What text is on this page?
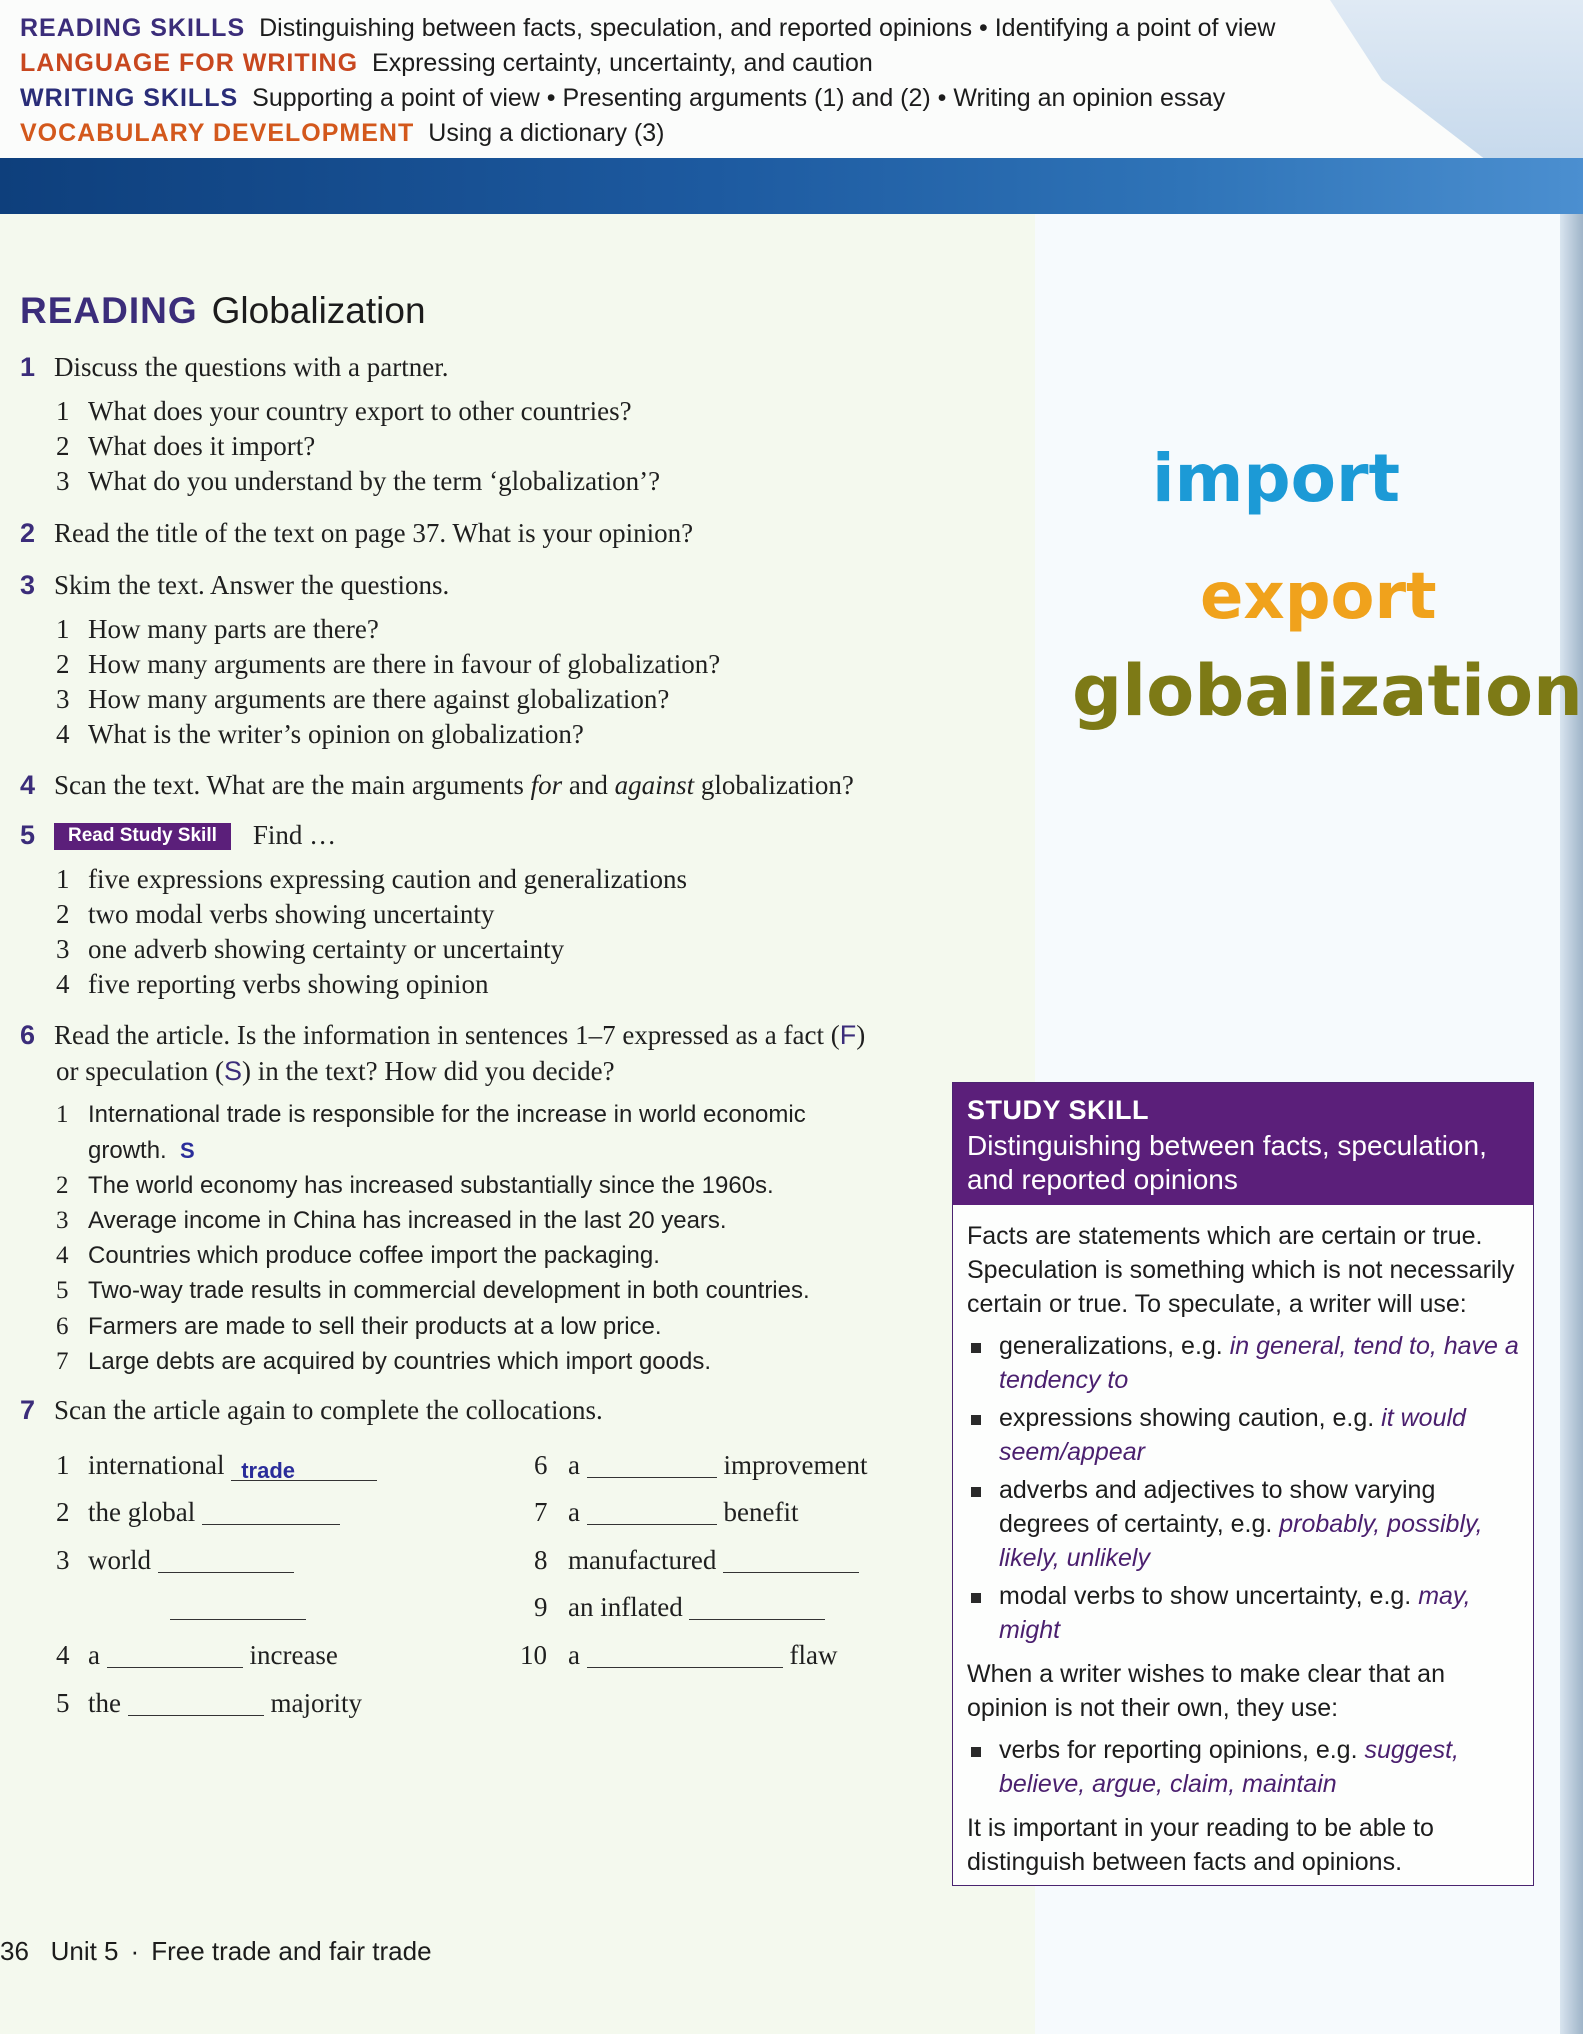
READING SKILLS Distinguishing between facts, speculation, and reported opinions • Identifying a point of view
LANGUAGE FOR WRITING Expressing certainty, uncertainty, and caution
WRITING SKILLS Supporting a point of view • Presenting arguments (1) and (2) • Writing an opinion essay
VOCABULARY DEVELOPMENT Using a dictionary (3)
READING Globalization
1 Discuss the questions with a partner.
1 What does your country export to other countries?
2 What does it import?
3 What do you understand by the term ‘globalization’?
2 Read the title of the text on page 37. What is your opinion?
3 Skim the text. Answer the questions.
1 How many parts are there?
2 How many arguments are there in favour of globalization?
3 How many arguments are there against globalization?
4 What is the writer’s opinion on globalization?
4 Scan the text. What are the main arguments for and against globalization?
5 Read Study Skill Find …
1 five expressions expressing caution and generalizations
2 two modal verbs showing uncertainty
3 one adverb showing certainty or uncertainty
4 five reporting verbs showing opinion
6 Read the article. Is the information in sentences 1–7 expressed as a fact (F)
or speculation (S) in the text? How did you decide?
1 International trade is responsible for the increase in world economic
growth. S
2 The world economy has increased substantially since the 1960s.
3 Average income in China has increased in the last 20 years.
4 Countries which produce coffee import the packaging.
5 Two-way trade results in commercial development in both countries.
6 Farmers are made to sell their products at a low price.
7 Large debts are acquired by countries which import goods.
7 Scan the article again to complete the collocations.
1 international trade
2 the global
3 world
4 a	increase
5 the	majority
6 a	improvement
7 a	benefit
8 manufactured
9 an inflated
10 a	flaw
import
export
globalization
STUDY SKILL
Distinguishing between facts, speculation, and reported opinions

Facts are statements which are certain or true. Speculation is something which is not necessarily certain or true. To speculate, a writer will use:

generalizations, e.g. in general, tend to, have a tendency to
expressions showing caution, e.g. it would seem/appear
adverbs and adjectives to show varying degrees of certainty, e.g. probably, possibly, likely, unlikely
modal verbs to show uncertainty, e.g. may, might

When a writer wishes to make clear that an opinion is not their own, they use:

verbs for reporting opinions, e.g. suggest, believe, argue, claim, maintain

It is important in your reading to be able to distinguish between facts and opinions.

36 Unit 5 · Free trade and fair trade
